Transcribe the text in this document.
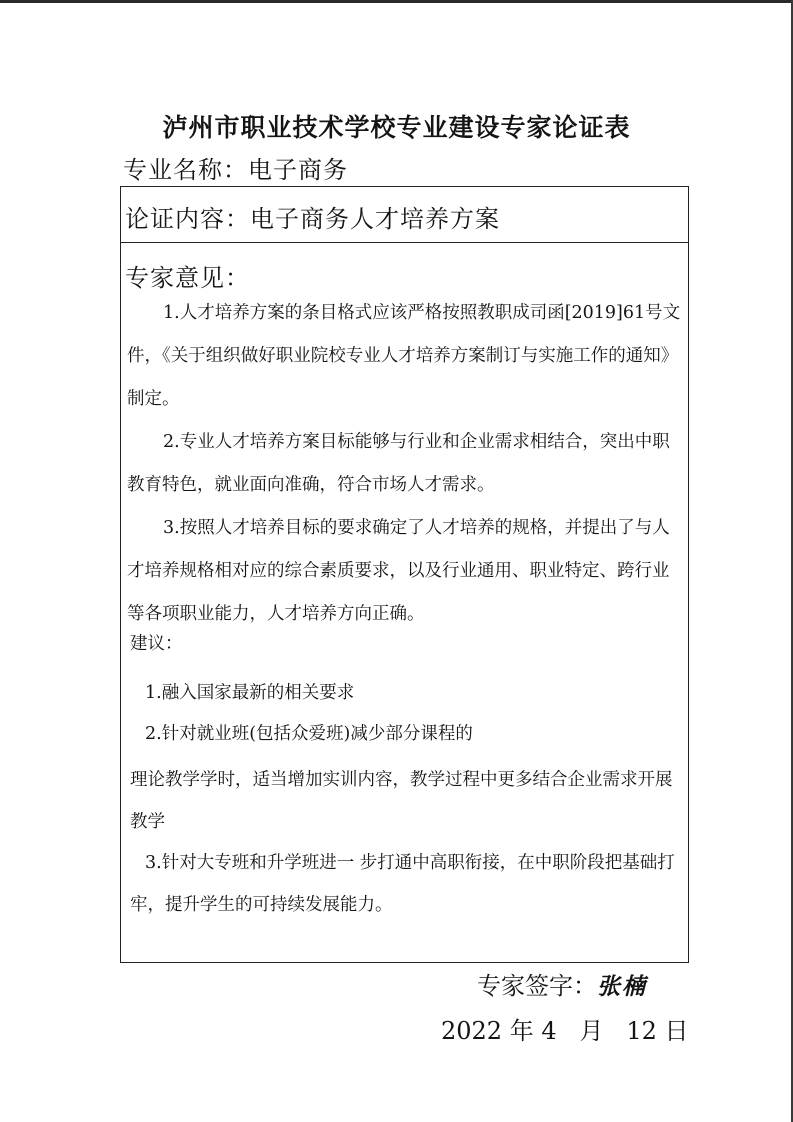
泸州市职业技术学校专业建设专家论证表
专业名称：电子商务
论证内容：电子商务人才培养方案
专家意见：

1.人才培养方案的条目格式应该严格按照教职成司函[2019]61号文件，《关于组织做好职业院校专业人才培养方案制订与实施工作的通知》制定。

2.专业人才培养方案目标能够与行业和企业需求相结合，突出中职教育特色，就业面向准确，符合市场人才需求。

3.按照人才培养目标的要求确定了人才培养的规格，并提出了与人才培养规格相对应的综合素质要求，以及行业通用、职业特定、跨行业等各项职业能力，人才培养方向正确。

建议：

1.融入国家最新的相关要求

2.针对就业班(包括众爱班)减少部分课程的

理论教学学时，适当增加实训内容，教学过程中更多结合企业需求开展教学

3.针对大专班和升学班进一 步打通中高职衔接，在中职阶段把基础打牢，提升学生的可持续发展能力。

专家签字：张楠
2022 年 4   月   12 日
